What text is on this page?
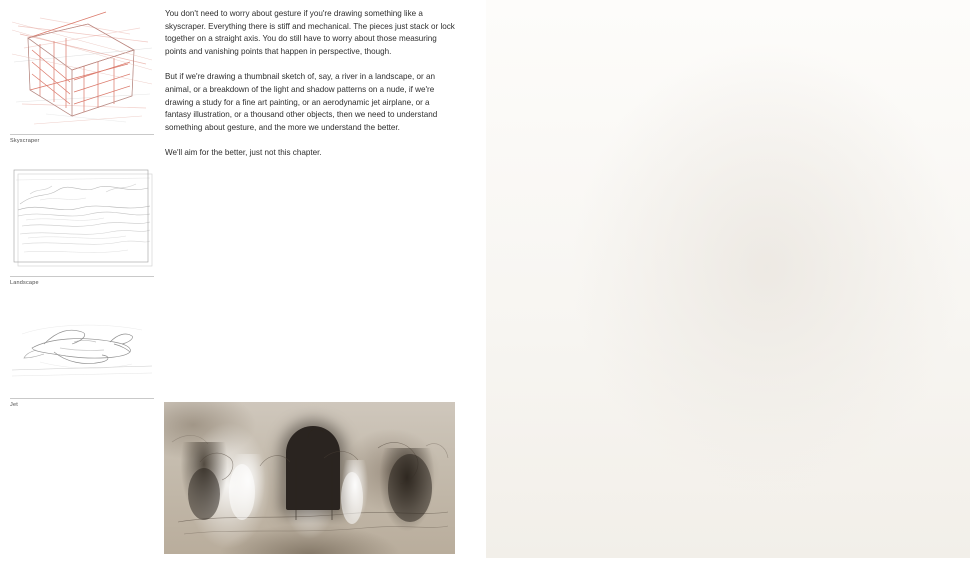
Skyscraper
Landscape
Jet

You don't need to worry about gesture if you're drawing something like a skyscraper. Everything there is stiff and mechanical. The pieces just stack or lock together on a straight axis. You do still have to worry about those measuring points and vanishing points that happen in perspective, though.

But if we're drawing a thumbnail sketch of, say, a river in a landscape, or an animal, or a breakdown of the light and shadow patterns on a nude, if we're drawing a study for a fine art painting, or an aerodynamic jet airplane, or a fantasy illustration, or a thousand other objects, then we need to understand something about gesture, and the more we understand the better.

We'll aim for the better, just not this chapter.
